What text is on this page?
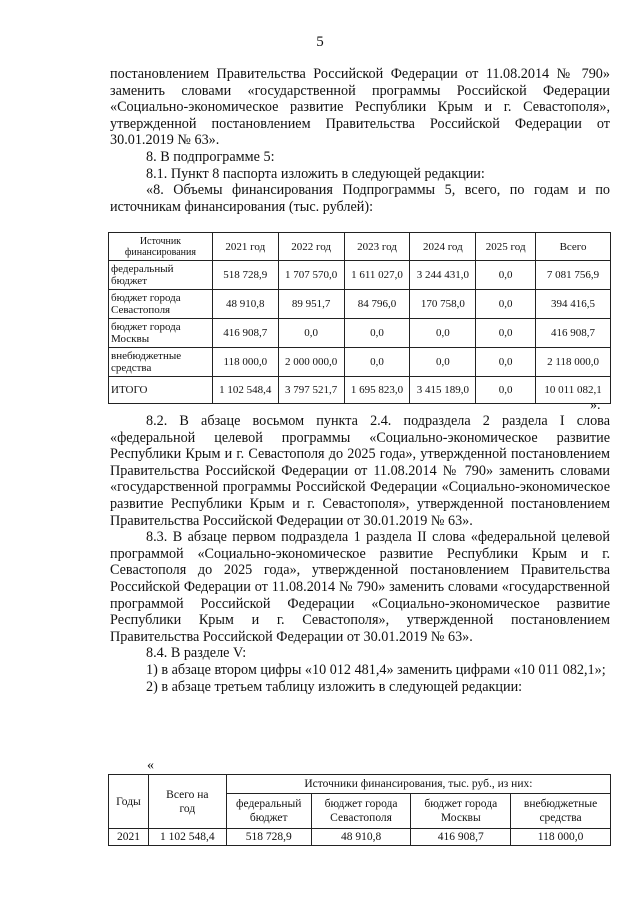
5

постановлением Правительства Российской Федерации от 11.08.2014 № 790» заменить словами «государственной программы Российской Федерации «Социально-экономическое развитие Республики Крым и г. Севастополя», утвержденной постановлением Правительства Российской Федерации от 30.01.2019 № 63».

8. В подпрограмме 5:

8.1. Пункт 8 паспорта изложить в следующей редакции:

«8. Объемы финансирования Подпрограммы 5, всего, по годам и по источникам финансирования (тыс. рублей):

Источник финансирования	2021 год	2022 год	2023 год	2024 год	2025 год	Всего
федеральный бюджет	518 728,9	1 707 570,0	1 611 027,0	3 244 431,0	0,0	7 081 756,9
бюджет города Севастополя	48 910,8	89 951,7	84 796,0	170 758,0	0,0	394 416,5
бюджет города Москвы	416 908,7	0,0	0,0	0,0	0,0	416 908,7
внебюджетные средства	118 000,0	2 000 000,0	0,0	0,0	0,0	2 118 000,0
ИТОГО	1 102 548,4	3 797 521,7	1 695 823,0	3 415 189,0	0,0	10 011 082,1
».

8.2. В абзаце восьмом пункта 2.4. подраздела 2 раздела I слова «федеральной целевой программы «Социально-экономическое развитие Республики Крым и г. Севастополя до 2025 года», утвержденной постановлением Правительства Российской Федерации от 11.08.2014 № 790» заменить словами «государственной программы Российской Федерации «Социально-экономическое развитие Республики Крым и г. Севастополя», утвержденной постановлением Правительства Российской Федерации от 30.01.2019 № 63».

8.3. В абзаце первом подраздела 1 раздела II слова «федеральной целевой программой «Социально-экономическое развитие Республики Крым и г. Севастополя до 2025 года», утвержденной постановлением Правительства Российской Федерации от 11.08.2014 № 790» заменить словами «государственной программой Российской Федерации «Социально-экономическое развитие Республики Крым и г. Севастополя», утвержденной постановлением Правительства Российской Федерации от 30.01.2019 № 63».

8.4. В разделе V:

1) в абзаце втором цифры «10 012 481,4» заменить цифрами «10 011 082,1»;

2) в абзаце третьем таблицу изложить в следующей редакции:

«
Годы	Всего на год	Источники финансирования, тыс. руб., из них:			
		федеральный бюджет	бюджет города Севастополя	бюджет города Москвы	внебюджетные средства
2021	1 102 548,4	518 728,9	48 910,8	416 908,7	118 000,0
